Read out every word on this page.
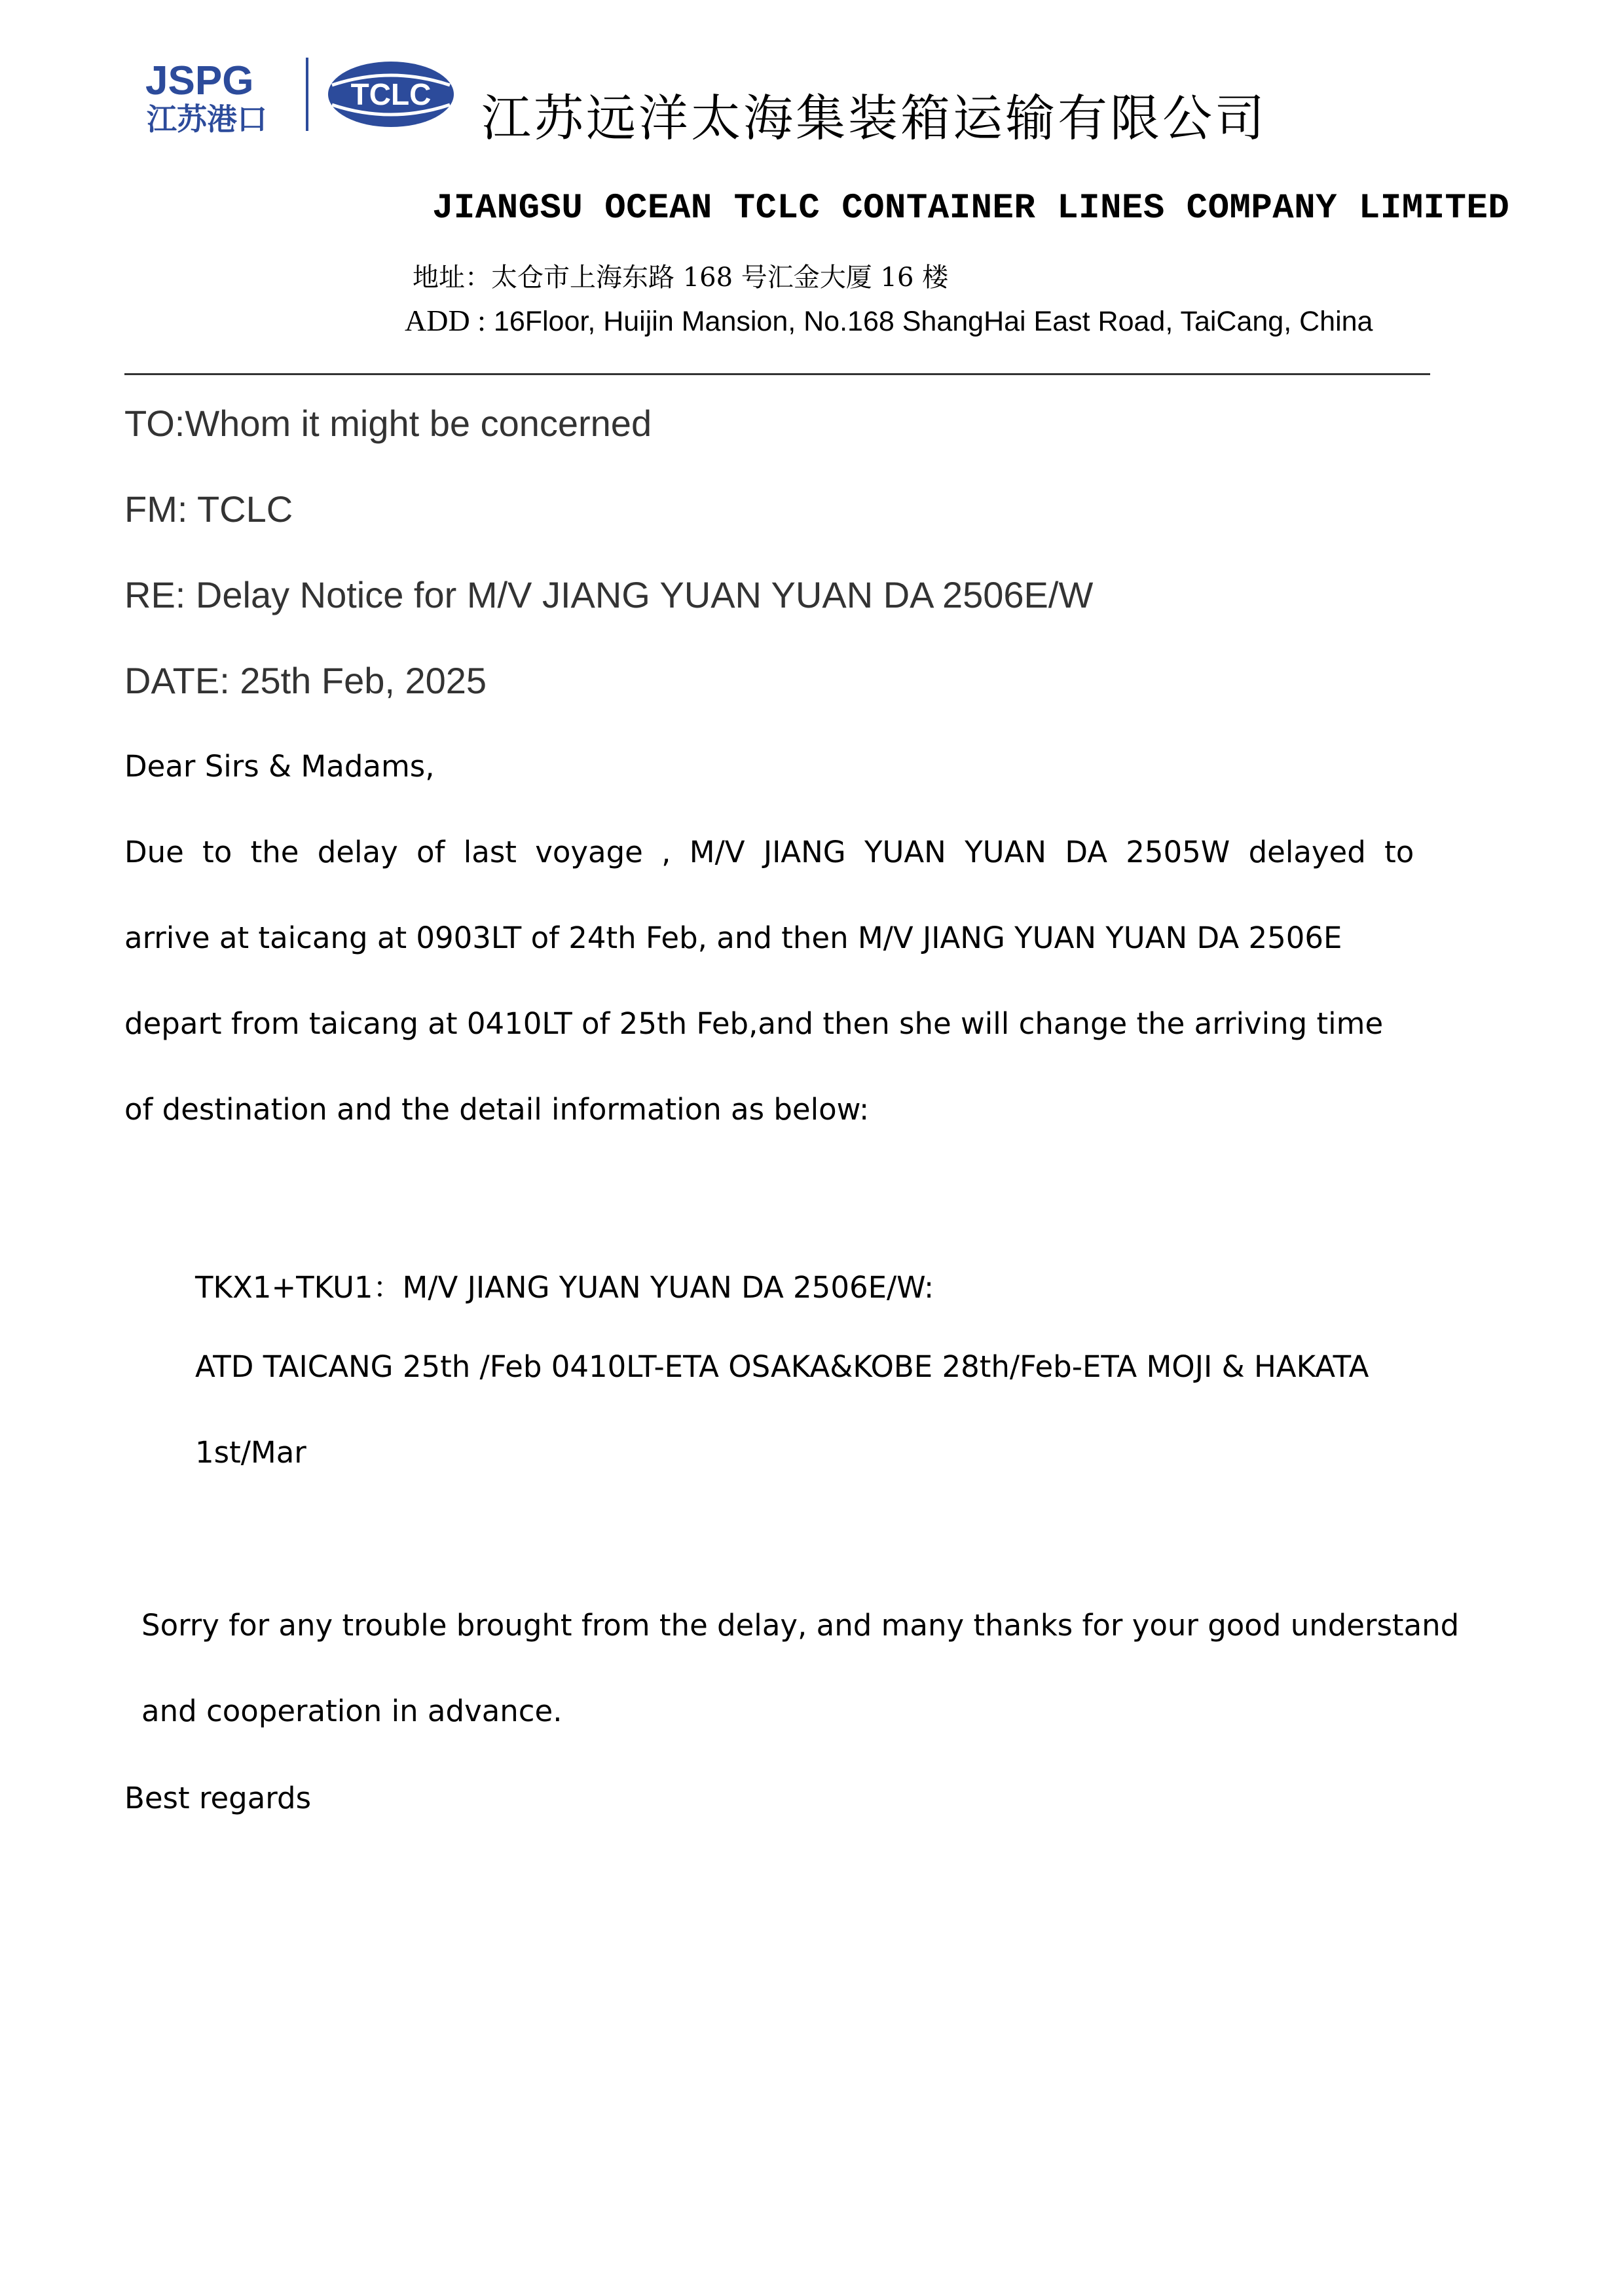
JSPG
江苏港口
TCLC 江苏远洋太海集装箱运输有限公司
JIANGSU OCEAN TCLC CONTAINER LINES COMPANY LIMITED
地址：太仓市上海东路 168 号汇金大厦 16 楼
ADD : 16Floor, Huijin Mansion, No.168 ShangHai East Road, TaiCang, China
TO:Whom it might be concerned
FM: TCLC
RE: Delay Notice for M/V JIANG YUAN YUAN DA 2506E/W
DATE: 25th Feb, 2025
Dear Sirs & Madams,
Due to the delay of last voyage , M/V JIANG YUAN YUAN DA 2505W delayed to
arrive at taicang at 0903LT of 24th Feb, and then M/V JIANG YUAN YUAN DA 2506E
depart from taicang at 0410LT of 25th Feb,and then she will change the arriving time
of destination and the detail information as below:
TKX1+TKU1：M/V JIANG YUAN YUAN DA 2506E/W:
ATD TAICANG 25th /Feb 0410LT-ETA OSAKA&KOBE 28th/Feb-ETA MOJI & HAKATA
1st/Mar
Sorry for any trouble brought from the delay, and many thanks for your good understand
and cooperation in advance.
Best regards
